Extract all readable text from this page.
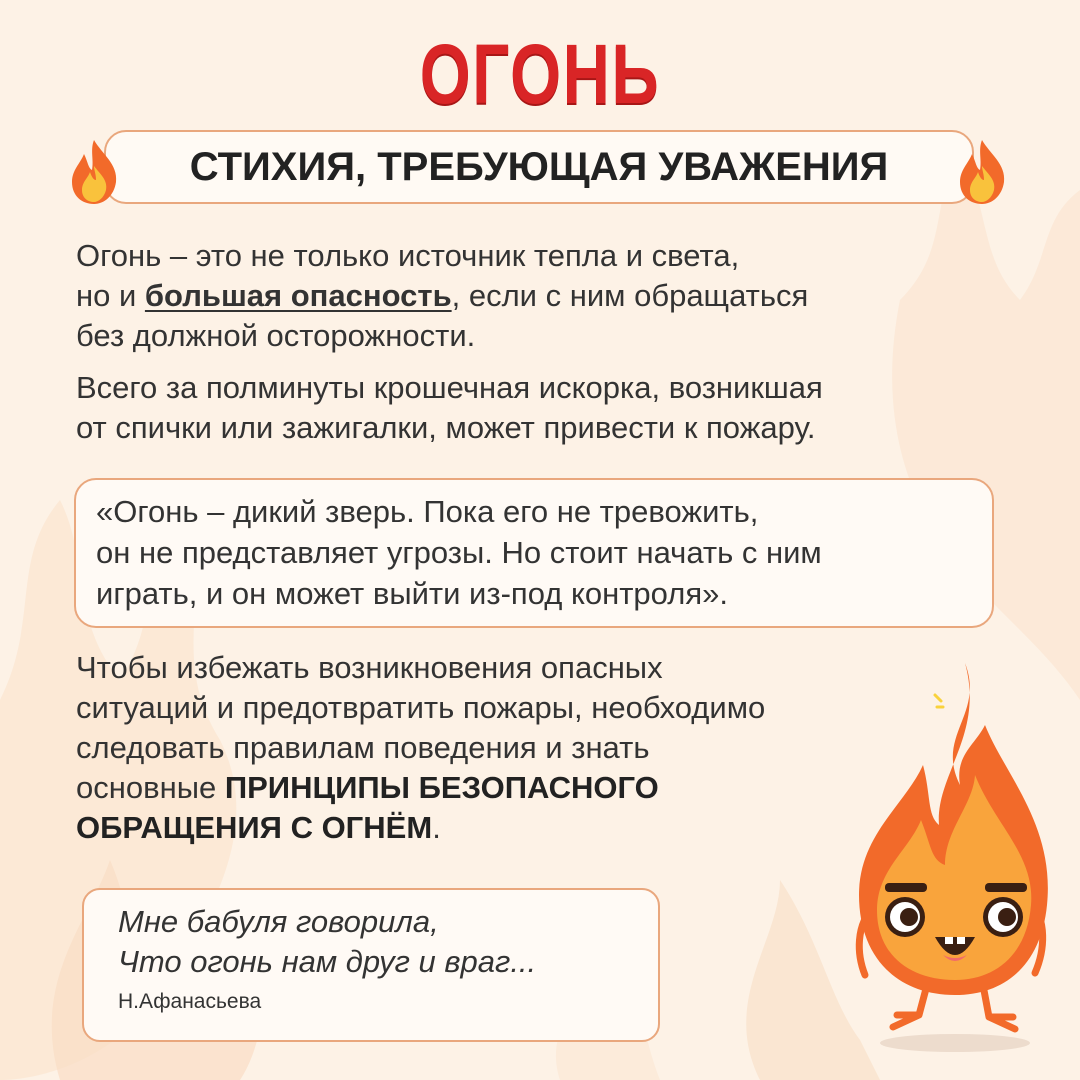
ОГОНЬ
СТИХИЯ, ТРЕБУЮЩАЯ УВАЖЕНИЯ
Огонь – это не только источник тепла и света,
но и большая опасность, если с ним обращаться
без должной осторожности.
Всего за полминуты крошечная искорка, возникшая
от спички или зажигалки, может привести к пожару.
«Огонь – дикий зверь. Пока его не тревожить,
он не представляет угрозы. Но стоит начать с ним
играть, и он может выйти из-под контроля».
Чтобы избежать возникновения опасных
ситуаций и предотвратить пожары, необходимо
следовать правилам поведения и знать
основные ПРИНЦИПЫ БЕЗОПАСНОГО
ОБРАЩЕНИЯ С ОГНЁМ.
Мне бабуля говорила,
Что огонь нам друг и враг...
Н.Афанасьева
